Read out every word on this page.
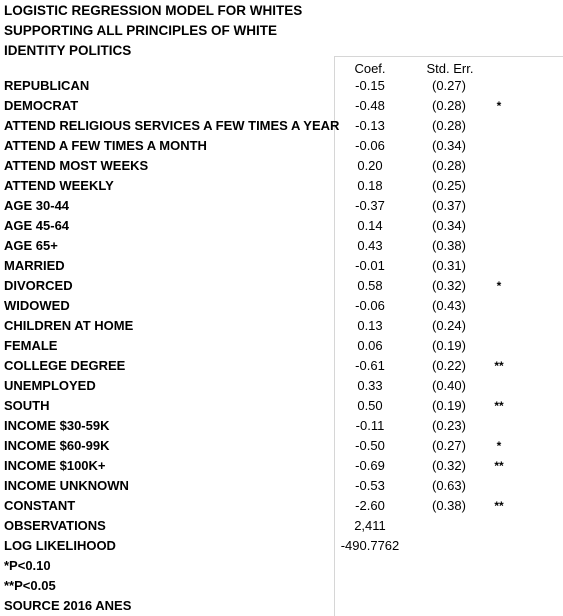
LOGISTIC REGRESSION MODEL FOR WHITES SUPPORTING ALL PRINCIPLES OF WHITE IDENTITY POLITICS
Coef.	Std. Err.
REPUBLICAN	-0.15	(0.27)
DEMOCRAT	-0.48	(0.28)	*
ATTEND RELIGIOUS SERVICES A FEW TIMES A YEAR	-0.13	(0.28)
ATTEND A FEW TIMES A MONTH	-0.06	(0.34)
ATTEND MOST WEEKS	0.20	(0.28)
ATTEND WEEKLY	0.18	(0.25)
AGE 30-44	-0.37	(0.37)
AGE 45-64	0.14	(0.34)
AGE 65+	0.43	(0.38)
MARRIED	-0.01	(0.31)
DIVORCED	0.58	(0.32)	*
WIDOWED	-0.06	(0.43)
CHILDREN AT HOME	0.13	(0.24)
FEMALE	0.06	(0.19)
COLLEGE DEGREE	-0.61	(0.22)	**
UNEMPLOYED	0.33	(0.40)
SOUTH	0.50	(0.19)	**
INCOME $30-59K	-0.11	(0.23)
INCOME $60-99K	-0.50	(0.27)	*
INCOME $100K+	-0.69	(0.32)	**
INCOME UNKNOWN	-0.53	(0.63)
CONSTANT	-2.60	(0.38)	**
OBSERVATIONS	2,411
LOG LIKELIHOOD	-490.7762
*P<0.10
**P<0.05
SOURCE 2016 ANES
